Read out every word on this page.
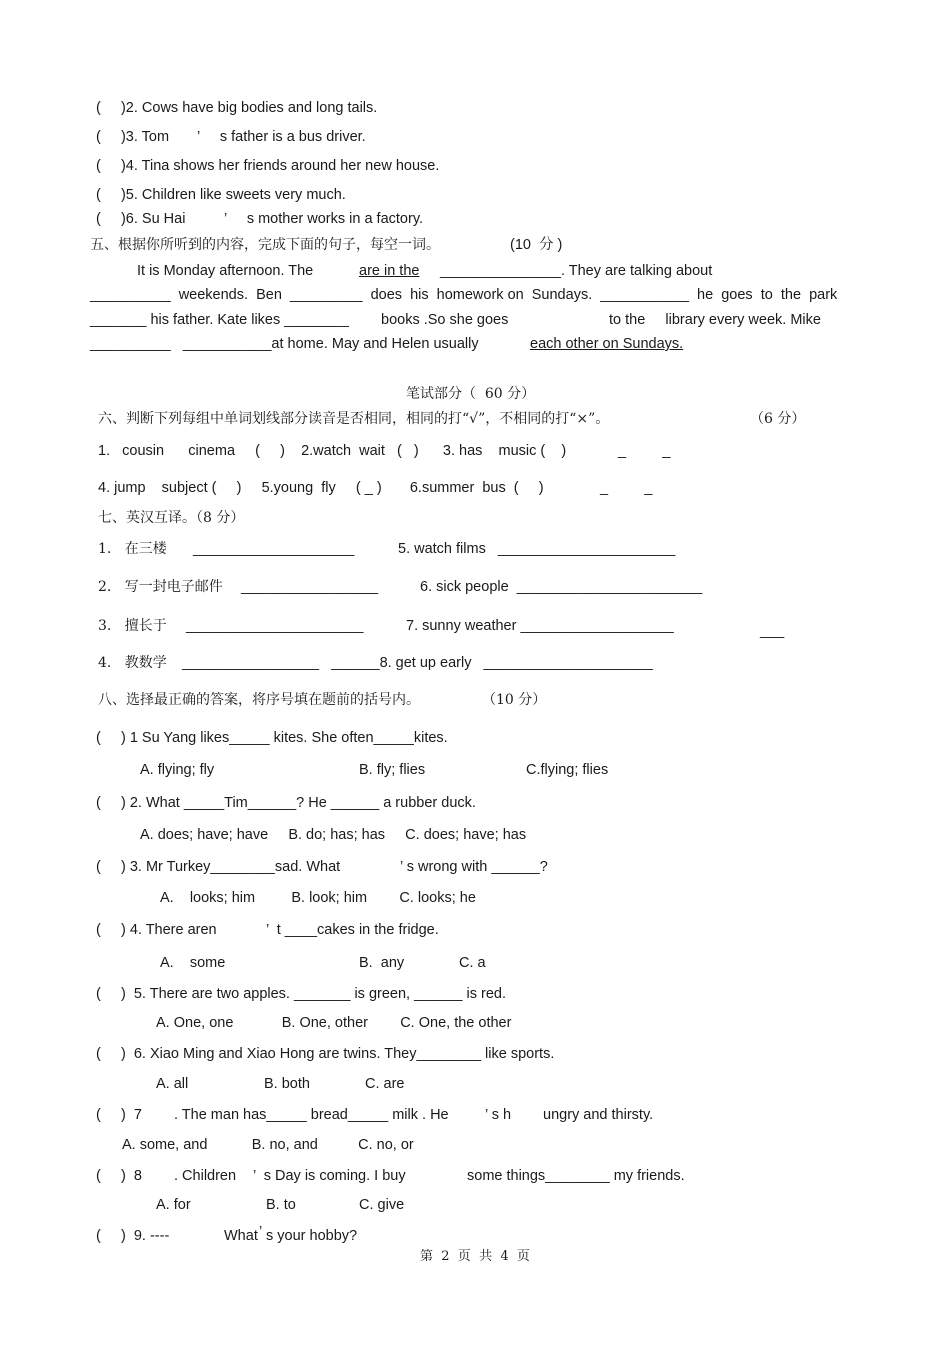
(     )2. Cows have big bodies and long tails.
(     )3. Tom ’     s father is a bus driver.
(     )4. Tina shows her friends around her new house.
(     )5. Children like sweets very much.
(     )6. Su Hai	’     s mother works in a factory.
五、根据你所听到的内容，完成下面的句子，每空一词。	(10  分 )
It is Monday afternoon. The	are in the _______________. They are talking about
__________  weekends.  Ben  _________  does  his  homework on  Sundays.  ___________  he  goes  to  the  park
_______ his father. Kate likes ________ books .So she goes	to the     library every week. Mike
__________   ___________at home. May and Helen usually	each other on Sundays.
笔试部分（  60 分）
六、判断下列每组中单词划线部分读音是否相同，相同的打“√”，不相同的打“×”。	（6 分）
1.   cousin      cinema     (     )    2.watch  wait   (   )      3. has    music (    )	_         _
4. jump    subject (     )     5.young  fly     ( _ )       6.summer  bus  (     )	_         _
七、英汉互译。（8 分）
1.   在三楼 ____________________	5. watch films   ______________________
2.   写一封电子邮件 _________________	6. sick people  _______________________
3.   擅长于 ______________________	7. sunny weather ___________________	___
4.   教数学 _________________   ______8. get up early   _____________________
八、选择最正确的答案，将序号填在题前的括号内。	（10 分）
(     ) 1 Su Yang likes_____ kites. She often_____kites.
A. flying; fly	B. fly; flies	C.flying; flies
(     ) 2. What _____Tim______? He ______ a rubber duck.
A. does; have; have     B. do; has; has     C. does; have; has
(     ) 3. Mr Turkey________sad. What	’ s wrong with ______?
A.    looks; him         B. look; him        C. looks; he
(     ) 4. There aren	’  t ____cakes in the fridge.
A.    some	B.  any	C. a
(     )  5. There are two apples. _______ is green, ______ is red.
A. One, one            B. One, other        C. One, the other
(     )  6. Xiao Ming and Xiao Hong are twins. They________ like sports.
A. all	B. both	C. are
(     )  7 . The man has_____ bread_____ milk . He	’ s h ungry and thirsty.
A. some, and           B. no, and          C. no, or
(     )  8 . Children ’  s Day is coming. I buy	some things________ my friends.
A. for	B. to	C. give
(     )  9. ----	What ’ s your hobby?
第  2  页  共  4  页
